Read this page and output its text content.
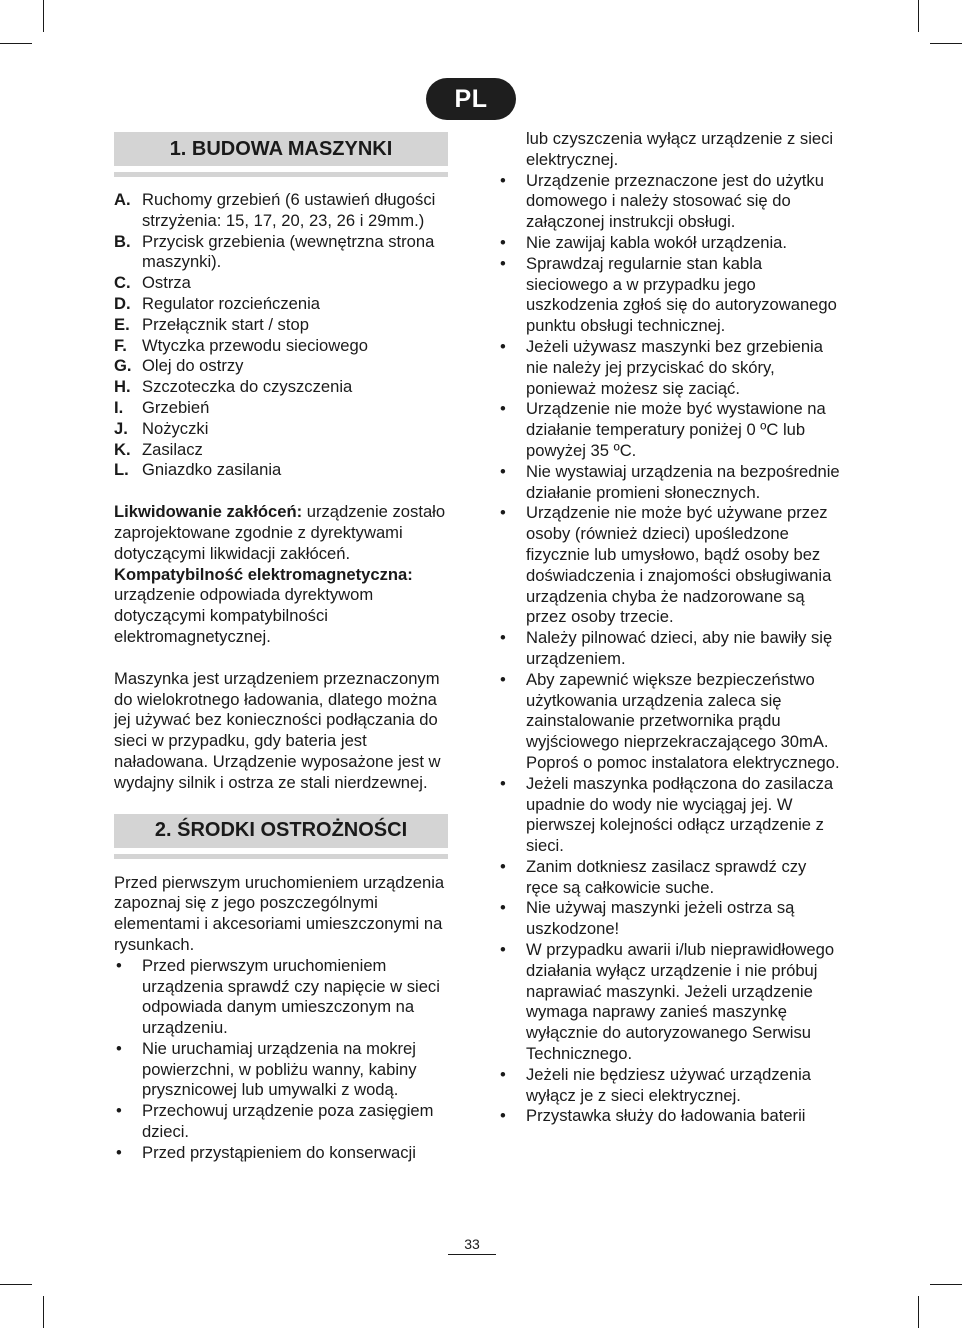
PL
1. BUDOWA MASZYNKI
A. Ruchomy grzebień (6 ustawień długości strzyżenia: 15, 17, 20, 23, 26 i 29mm.)
B. Przycisk grzebienia (wewnętrzna strona maszynki).
C. Ostrza
D. Regulator rozcieńczenia
E. Przełącznik start / stop
F. Wtyczka przewodu sieciowego
G. Olej do ostrzy
H. Szczoteczka do czyszczenia
I.	Grzebień
J. Nożyczki
K. Zasilacz
L. Gniazdko zasilania

Likwidowanie zakłóceń: urządzenie zostało zaprojektowane zgodnie z dyrektywami dotyczącymi likwidacji zakłóceń.

Kompatybilność elektromagnetyczna:
urządzenie odpowiada dyrektywom dotyczącymi kompatybilności elektromagnetycznej.

Maszynka jest urządzeniem przeznaczonym do wielokrotnego ładowania, dlatego można jej używać bez konieczności podłączania do sieci w przypadku, gdy bateria jest naładowana. Urządzenie wyposażone jest w wydajny silnik i ostrza ze stali nierdzewnej.

2. ŚRODKI OSTROŻNOŚCI

Przed pierwszym uruchomieniem urządzenia zapoznaj się z jego poszczególnymi elementami i akcesoriami umieszczonymi na rysunkach.

•	Przed pierwszym uruchomieniem urządzenia sprawdź czy napięcie w sieci odpowiada danym umieszczonym na urządzeniu.
•	Nie uruchamiaj urządzenia na mokrej powierzchni, w pobliżu wanny, kabiny prysznicowej lub umywalki z wodą.
•	Przechowuj urządzenie poza zasięgiem dzieci.
•	Przed przystąpieniem do konserwacji
lub czyszczenia wyłącz urządzenie z sieci elektrycznej.
•	Urządzenie przeznaczone jest do użytku domowego i należy stosować się do załączonej instrukcji obsługi.
•	Nie zawijaj kabla wokół urządzenia.
•	Sprawdzaj regularnie stan kabla sieciowego a w przypadku jego uszkodzenia zgłoś się do autoryzowanego punktu obsługi technicznej.
•	Jeżeli używasz maszynki bez grzebienia nie należy jej przyciskać do skóry, ponieważ możesz się zaciąć.
•	Urządzenie nie może być wystawione na działanie temperatury poniżej 0 ºC lub powyżej 35 ºC.
•	Nie wystawiaj urządzenia na bezpośrednie działanie promieni słonecznych.
•	Urządzenie nie może być używane przez osoby (również dzieci) upośledzone fizycznie lub umysłowo, bądź osoby bez doświadczenia i znajomości obsługiwania urządzenia chyba że nadzorowane są przez osoby trzecie.
•	Należy pilnować dzieci, aby nie bawiły się urządzeniem.
•	Aby zapewnić większe bezpieczeństwo użytkowania urządzenia zaleca się zainstalowanie przetwornika prądu wyjściowego nieprzekraczającego 30mA. Poproś o pomoc instalatora elektrycznego.
•	Jeżeli maszynka podłączona do zasilacza upadnie do wody nie wyciągaj jej. W pierwszej kolejności odłącz urządzenie z sieci.
•	Zanim dotkniesz zasilacz sprawdź czy ręce są całkowicie suche.
•	Nie używaj maszynki jeżeli ostrza są uszkodzone!
•	W przypadku awarii i/lub nieprawidłowego działania wyłącz urządzenie i nie próbuj naprawiać maszynki. Jeżeli urządzenie wymaga naprawy zanieś maszynkę wyłącznie do autoryzowanego Serwisu Technicznego.
•	Jeżeli nie będziesz używać urządzenia wyłącz je z sieci elektrycznej.
•	Przystawka służy do ładowania baterii
33
